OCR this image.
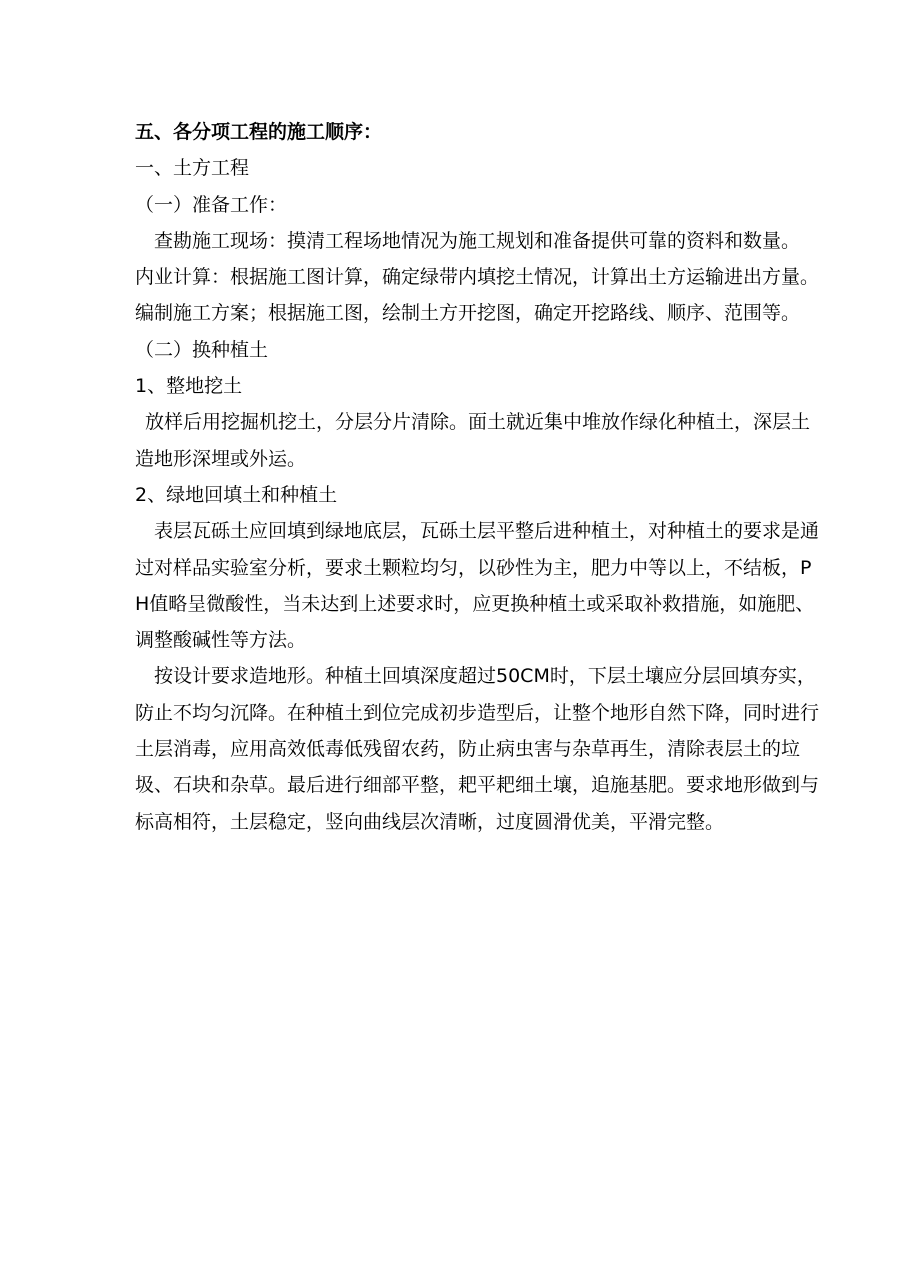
五、各分项工程的施工顺序：

一、土方工程

（一）准备工作：

查勘施工现场：摸清工程场地情况为施工规划和准备提供可靠的资料和数量。

内业计算：根据施工图计算，确定绿带内填挖土情况，计算出土方运输进出方量。

编制施工方案；根据施工图，绘制土方开挖图，确定开挖路线、顺序、范围等。

（二）换种植土

1、整地挖土

放样后用挖掘机挖土，分层分片清除。面土就近集中堆放作绿化种植土，深层土造地形深埋或外运。

2、绿地回填土和种植土

表层瓦砾土应回填到绿地底层，瓦砾土层平整后进种植土，对种植土的要求是通过对样品实验室分析，要求土颗粒均匀，以砂性为主，肥力中等以上，不结板，PH值略呈微酸性，当未达到上述要求时，应更换种植土或采取补救措施，如施肥、调整酸碱性等方法。

按设计要求造地形。种植土回填深度超过50CM时，下层土壤应分层回填夯实，防止不均匀沉降。在种植土到位完成初步造型后，让整个地形自然下降，同时进行土层消毒，应用高效低毒低残留农药，防止病虫害与杂草再生，清除表层土的垃圾、石块和杂草。最后进行细部平整，耙平耙细土壤，追施基肥。要求地形做到与标高相符，土层稳定，竖向曲线层次清晰，过度圆滑优美，平滑完整。
